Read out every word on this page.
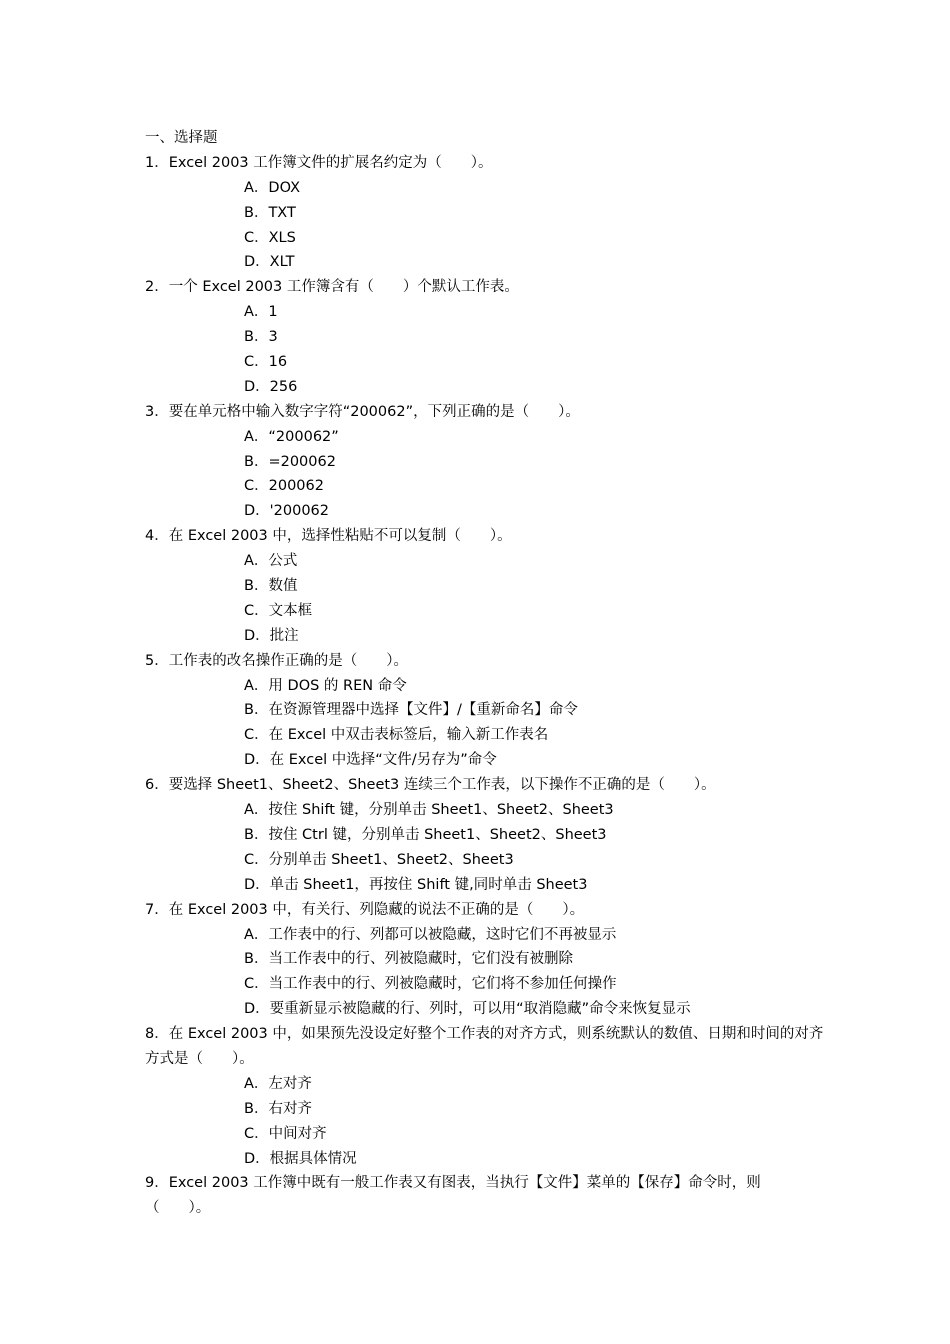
一、选择题
1．Excel 2003 工作簿文件的扩展名约定为（　　）。
A．DOX
B．TXT
C．XLS
D．XLT
2．一个 Excel 2003 工作簿含有（　　）个默认工作表。
A．1
B．3
C．16
D．256
3．要在单元格中输入数字字符“200062”，下列正确的是（　　）。
A．“200062”
B．=200062
C．200062
D．'200062
4．在 Excel 2003 中，选择性粘贴不可以复制（　　）。
A．公式
B．数值
C．文本框
D．批注
5．工作表的改名操作正确的是（　　）。
A．用 DOS 的 REN 命令
B．在资源管理器中选择【文件】/【重新命名】命令
C．在 Excel 中双击表标签后，输入新工作表名
D．在 Excel 中选择“文件/另存为”命令
6．要选择 Sheet1、Sheet2、Sheet3 连续三个工作表，以下操作不正确的是（　　）。
A．按住 Shift 键，分别单击 Sheet1、Sheet2、Sheet3
B．按住 Ctrl 键，分别单击 Sheet1、Sheet2、Sheet3
C．分别单击 Sheet1、Sheet2、Sheet3
D．单击 Sheet1，再按住 Shift 键,同时单击 Sheet3
7．在 Excel 2003 中，有关行、列隐藏的说法不正确的是（　　）。
A．工作表中的行、列都可以被隐藏，这时它们不再被显示
B．当工作表中的行、列被隐藏时，它们没有被删除
C．当工作表中的行、列被隐藏时，它们将不参加任何操作
D．要重新显示被隐藏的行、列时，可以用“取消隐藏”命令来恢复显示
8．在 Excel 2003 中，如果预先没设定好整个工作表的对齐方式，则系统默认的数值、日期和时间的对齐方式是（　　）。
A．左对齐
B．右对齐
C．中间对齐
D．根据具体情况
9．Excel 2003 工作簿中既有一般工作表又有图表，当执行【文件】菜单的【保存】命令时，则（　　）。
